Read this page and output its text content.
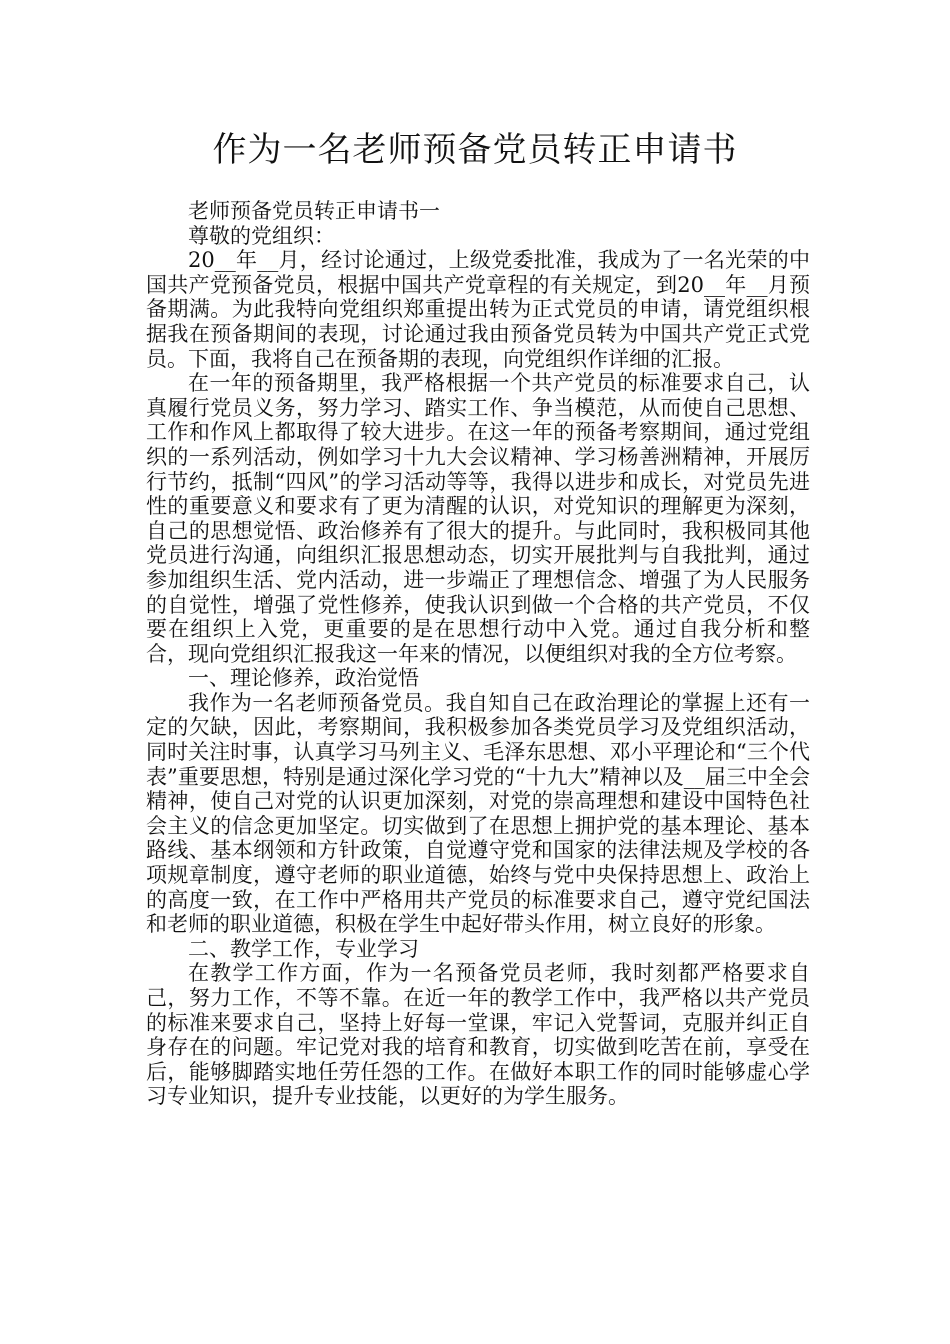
作为一名老师预备党员转正申请书

老师预备党员转正申请书一

尊敬的党组织：

20__年__月，经讨论通过，上级党委批准，我成为了一名光荣的中国共产党预备党员，根据中国共产党章程的有关规定，到20__年__月预备期满。为此我特向党组织郑重提出转为正式党员的申请，请党组织根据我在预备期间的表现，讨论通过我由预备党员转为中国共产党正式党员。下面，我将自己在预备期的表现，向党组织作详细的汇报。

在一年的预备期里，我严格根据一个共产党员的标准要求自己，认真履行党员义务，努力学习、踏实工作、争当模范，从而使自己思想、工作和作风上都取得了较大进步。在这一年的预备考察期间，通过党组织的一系列活动，例如学习十九大会议精神、学习杨善洲精神，开展厉行节约，抵制“四风”的学习活动等等，我得以进步和成长，对党员先进性的重要意义和要求有了更为清醒的认识，对党知识的理解更为深刻，自己的思想觉悟、政治修养有了很大的提升。与此同时，我积极同其他党员进行沟通，向组织汇报思想动态，切实开展批判与自我批判，通过参加组织生活、党内活动，进一步端正了理想信念、增强了为人民服务的自觉性，增强了党性修养，使我认识到做一个合格的共产党员，不仅要在组织上入党，更重要的是在思想行动中入党。通过自我分析和整合，现向党组织汇报我这一年来的情况，以便组织对我的全方位考察。

一、理论修养，政治觉悟

我作为一名老师预备党员。我自知自己在政治理论的掌握上还有一定的欠缺，因此，考察期间，我积极参加各类党员学习及党组织活动，同时关注时事，认真学习马列主义、毛泽东思想、邓小平理论和“三个代表”重要思想，特别是通过深化学习党的“十九大”精神以及__届三中全会精神，使自己对党的认识更加深刻，对党的崇高理想和建设中国特色社会主义的信念更加坚定。切实做到了在思想上拥护党的基本理论、基本路线、基本纲领和方针政策，自觉遵守党和国家的法律法规及学校的各项规章制度，遵守老师的职业道德，始终与党中央保持思想上、政治上的高度一致，在工作中严格用共产党员的标准要求自己，遵守党纪国法和老师的职业道德，积极在学生中起好带头作用，树立良好的形象。

二、教学工作，专业学习

在教学工作方面，作为一名预备党员老师，我时刻都严格要求自己，努力工作，不等不靠。在近一年的教学工作中，我严格以共产党员的标准来要求自己，坚持上好每一堂课，牢记入党誓词，克服并纠正自身存在的问题。牢记党对我的培育和教育，切实做到吃苦在前，享受在后，能够脚踏实地任劳任怨的工作。在做好本职工作的同时能够虚心学习专业知识，提升专业技能，以更好的为学生服务。
